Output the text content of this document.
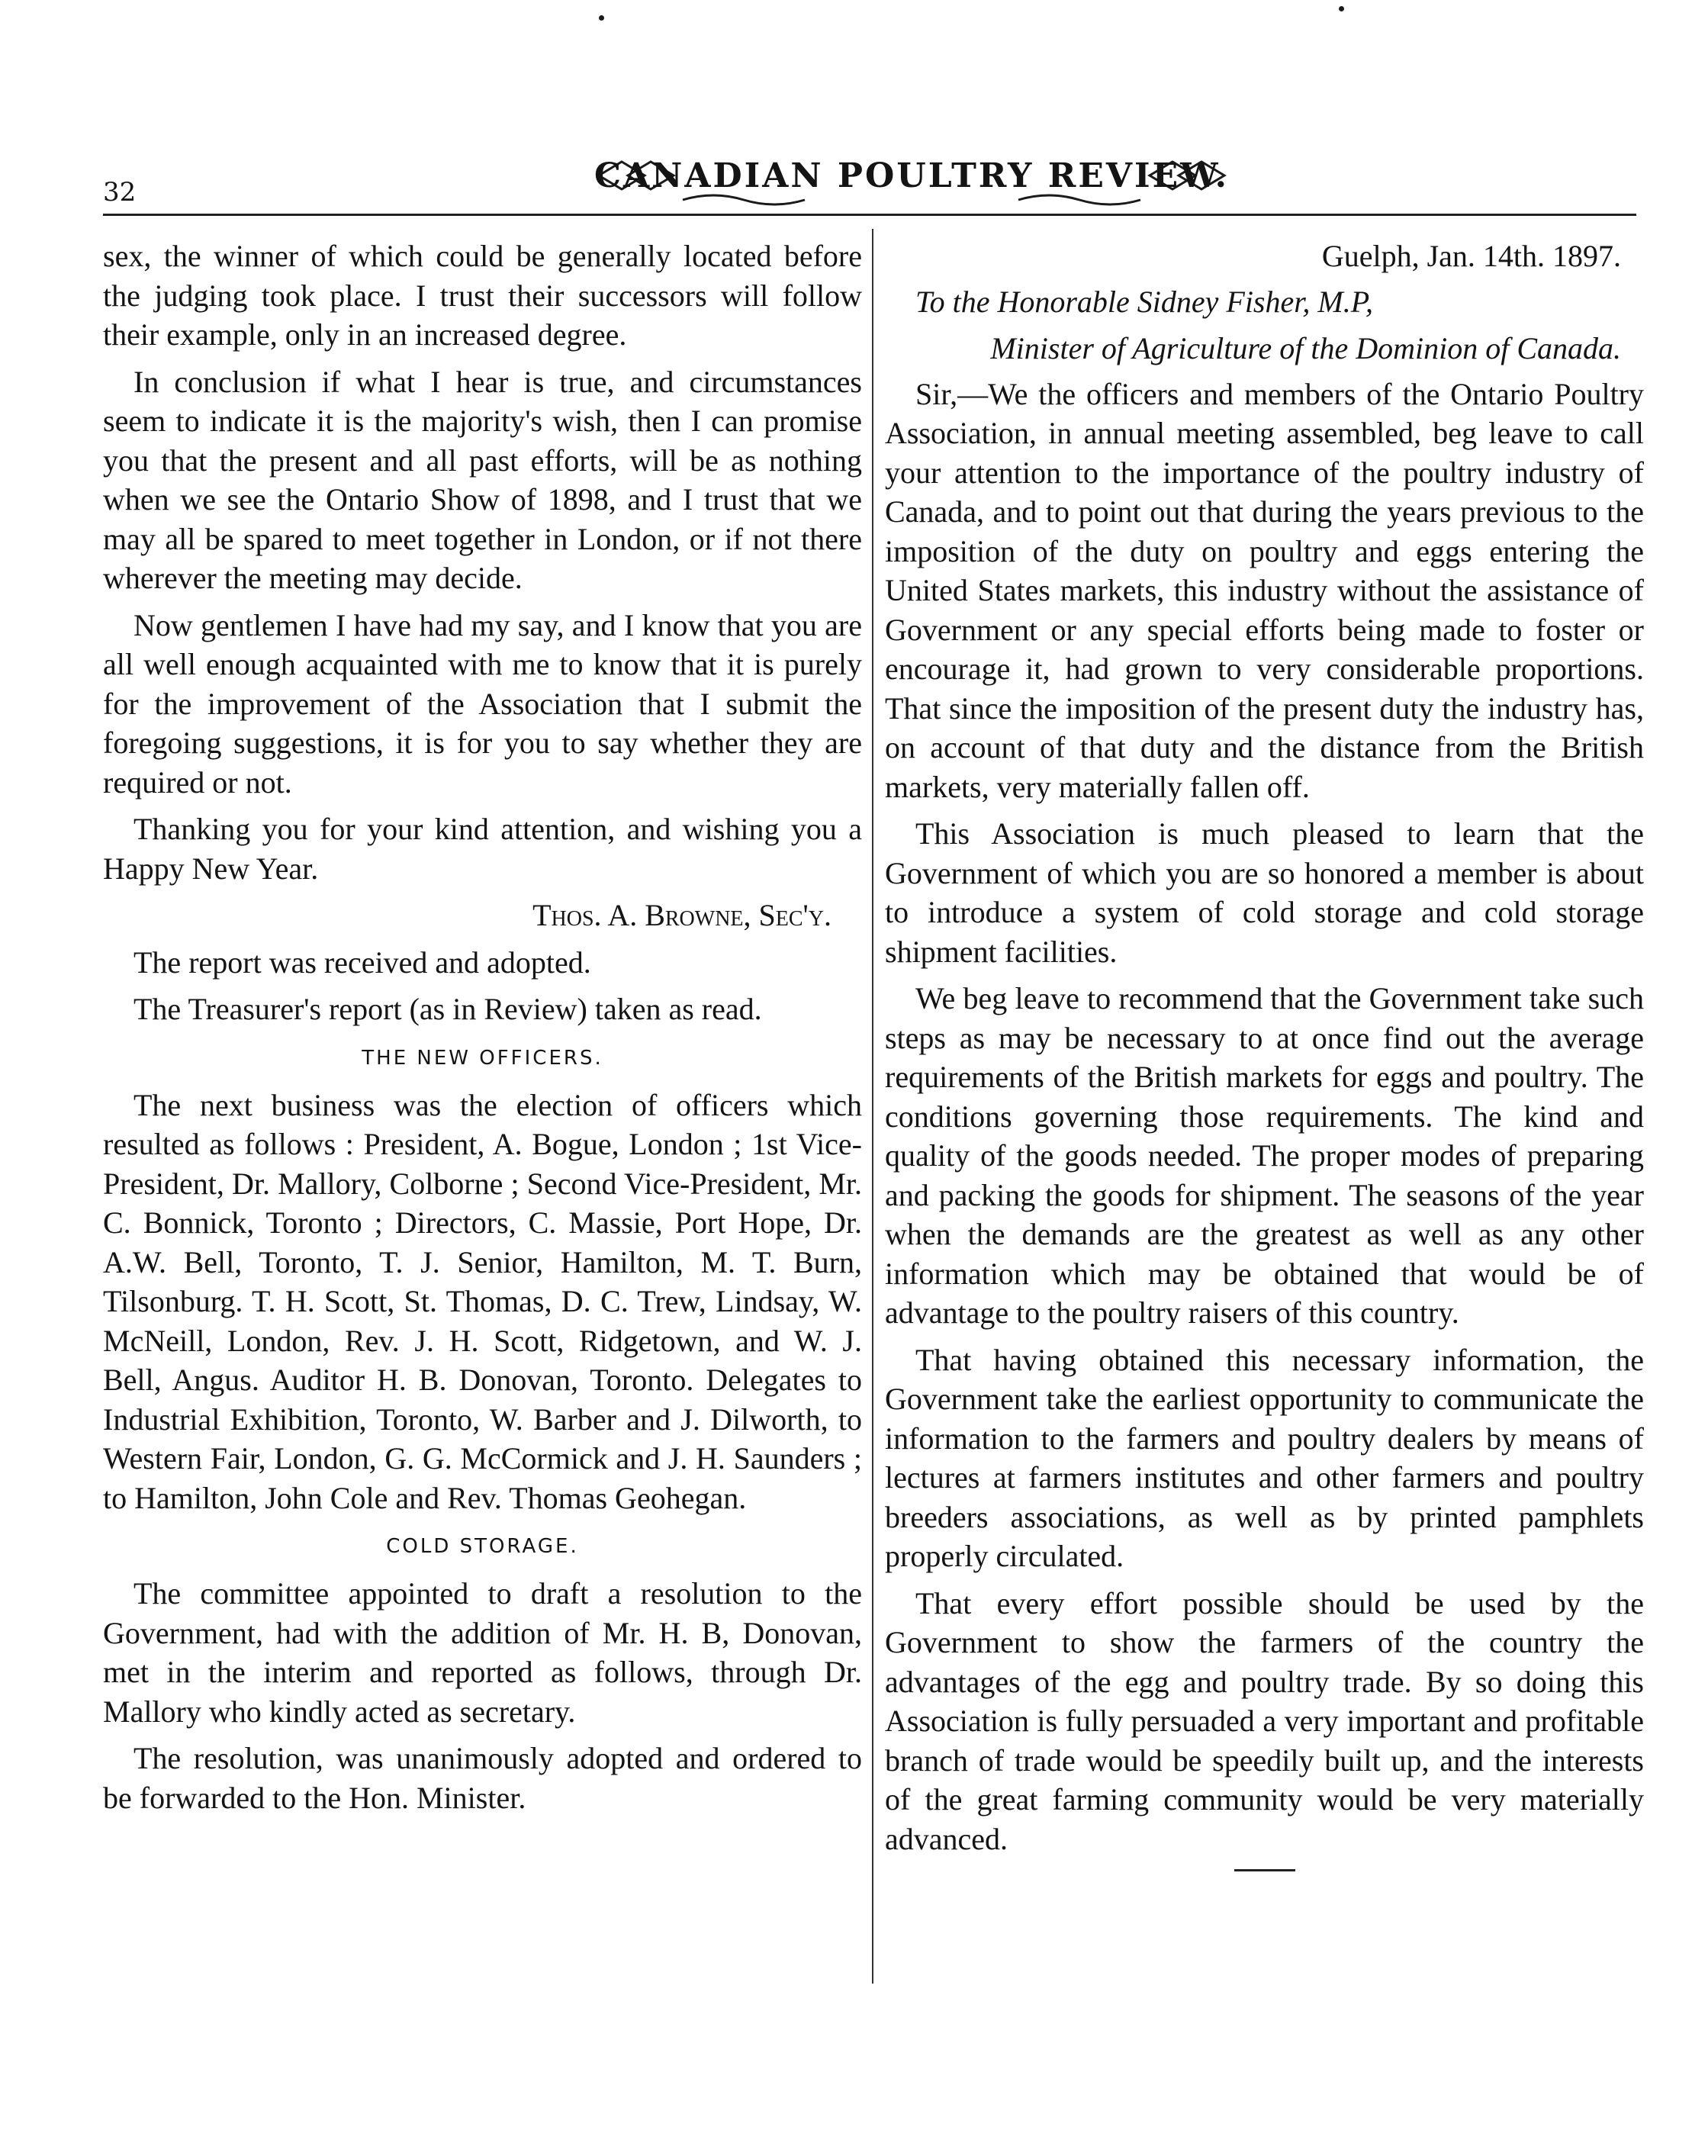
32	CANADIAN POULTRY REVIEW.

sex, the winner of which could be generally located before the judging took place. I trust their successors will follow their example, only in an increased degree.

In conclusion if what I hear is true, and circumstances seem to indicate it is the majority's wish, then I can promise you that the present and all past efforts, will be as nothing when we see the Ontario Show of 1898, and I trust that we may all be spared to meet together in London, or if not there wherever the meeting may decide.

Now gentlemen I have had my say, and I know that you are all well enough acquainted with me to know that it is purely for the improvement of the Association that I submit the foregoing suggestions, it is for you to say whether they are required or not.

Thanking you for your kind attention, and wishing you a Happy New Year.

Thos. A. Browne, Sec'y.

The report was received and adopted.

The Treasurer's report (as in Review) taken as read.

THE NEW OFFICERS.

The next business was the election of officers which resulted as follows : President, A. Bogue, London ; 1st Vice-President, Dr. Mallory, Colborne ; Second Vice-President, Mr. C. Bonnick, Toronto ; Directors, C. Massie, Port Hope, Dr. A.W. Bell, Toronto, T. J. Senior, Hamilton, M. T. Burn, Tilsonburg. T. H. Scott, St. Thomas, D. C. Trew, Lindsay, W. McNeill, London, Rev. J. H. Scott, Ridgetown, and W. J. Bell, Angus. Auditor H. B. Donovan, Toronto. Delegates to Industrial Exhibition, Toronto, W. Barber and J. Dilworth, to Western Fair, London, G. G. McCormick and J. H. Saunders ; to Hamilton, John Cole and Rev. Thomas Geohegan.

COLD STORAGE.

The committee appointed to draft a resolution to the Government, had with the addition of Mr. H. B, Donovan, met in the interim and reported as follows, through Dr. Mallory who kindly acted as secretary.

The resolution, was unanimously adopted and ordered to be forwarded to the Hon. Minister.

Guelph, Jan. 14th. 1897.

To the Honorable Sidney Fisher, M.P,

Minister of Agriculture of the Dominion of Canada.

Sir,—We the officers and members of the Ontario Poultry Association, in annual meeting assembled, beg leave to call your attention to the importance of the poultry industry of Canada, and to point out that during the years previous to the imposition of the duty on poultry and eggs entering the United States markets, this industry without the assistance of Government or any special efforts being made to foster or encourage it, had grown to very considerable proportions. That since the imposition of the present duty the industry has, on account of that duty and the distance from the British markets, very materially fallen off.

This Association is much pleased to learn that the Government of which you are so honored a member is about to introduce a system of cold storage and cold storage shipment facilities.

We beg leave to recommend that the Government take such steps as may be necessary to at once find out the average requirements of the British markets for eggs and poultry. The conditions governing those requirements. The kind and quality of the goods needed. The proper modes of preparing and packing the goods for shipment. The seasons of the year when the demands are the greatest as well as any other information which may be obtained that would be of advantage to the poultry raisers of this country.

That having obtained this necessary information, the Government take the earliest opportunity to communicate the information to the farmers and poultry dealers by means of lectures at farmers institutes and other farmers and poultry breeders associations, as well as by printed pamphlets properly circulated.

That every effort possible should be used by the Government to show the farmers of the country the advantages of the egg and poultry trade. By so doing this Association is fully persuaded a very important and profitable branch of trade would be speedily built up, and the interests of the great farming community would be very materially advanced.
